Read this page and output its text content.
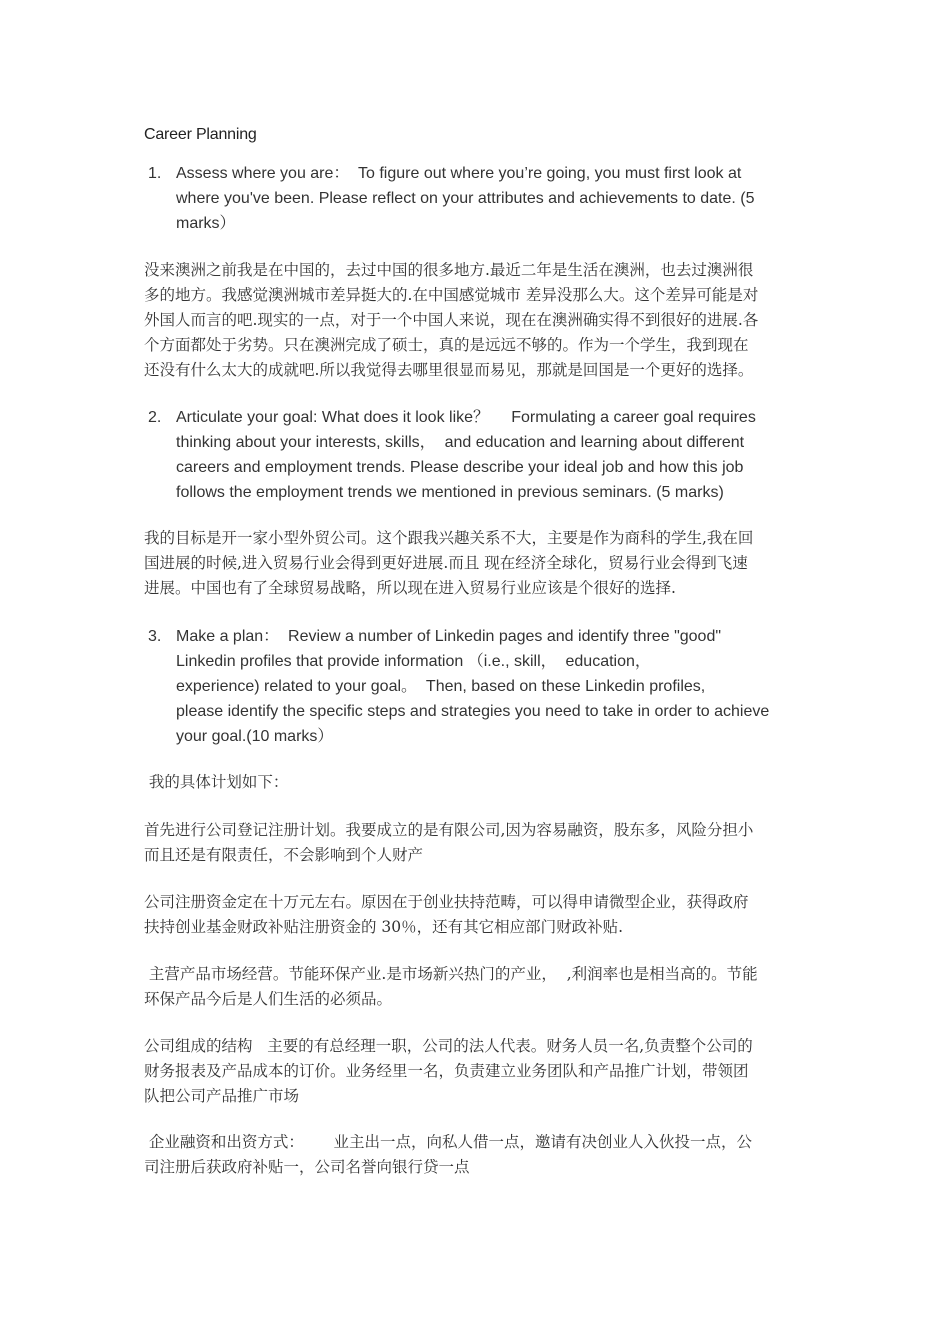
Career Planning
1. Assess where you are：  To figure out where you’re going, you must first look at
where you've been. Please reflect on your attributes and achievements to date. (5
marks）
没来澳洲之前我是在中国的，去过中国的很多地方.最近二年是生活在澳洲，也去过澳洲很
多的地方。我感觉澳洲城市差异挺大的.在中国感觉城市 差异没那么大。这个差异可能是对
外国人而言的吧.现实的一点，对于一个中国人来说，现在在澳洲确实得不到很好的进展.各
个方面都处于劣势。只在澳洲完成了硕士，真的是远远不够的。作为一个学生，我到现在
还没有什么太大的成就吧.所以我觉得去哪里很显而易见，那就是回国是一个更好的选择。
2. Articulate your goal: What does it look like？     Formulating a career goal requires
thinking about your interests, skills，  and education and learning about different
careers and employment trends. Please describe your ideal job and how this job
follows the employment trends we mentioned in previous seminars. (5 marks)
我的目标是开一家小型外贸公司。这个跟我兴趣关系不大，主要是作为商科的学生,我在回
国进展的时候,进入贸易行业会得到更好进展.而且 现在经济全球化，贸易行业会得到飞速
进展。中国也有了全球贸易战略，所以现在进入贸易行业应该是个很好的选择.
3. Make a plan：  Review a number of Linkedin pages and identify three "good"
Linkedin profiles that provide information （i.e., skill，  education，
experience) related to your goal。  Then, based on these Linkedin profiles,
please identify the specific steps and strategies you need to take in order to achieve
your goal.(10 marks）
我的具体计划如下：
首先进行公司登记注册计划。我要成立的是有限公司,因为容易融资，股东多，风险分担小
而且还是有限责任，不会影响到个人财产
公司注册资金定在十万元左右。原因在于创业扶持范畴，可以得申请微型企业，获得政府
扶持创业基金财政补贴注册资金的 30％，还有其它相应部门财政补贴.
主营产品市场经营。节能环保产业.是市场新兴热门的产业，  ,利润率也是相当高的。节能
环保产品今后是人们生活的必须品。
公司组成的结构   主要的有总经理一职，公司的法人代表。财务人员一名,负责整个公司的
财务报表及产品成本的订价。业务经里一名，负责建立业务团队和产品推广计划，带领团
队把公司产品推广市场
企业融资和出资方式：      业主出一点，向私人借一点，邀请有决创业人入伙投一点，公
司注册后获政府补贴一，公司名誉向银行贷一点
